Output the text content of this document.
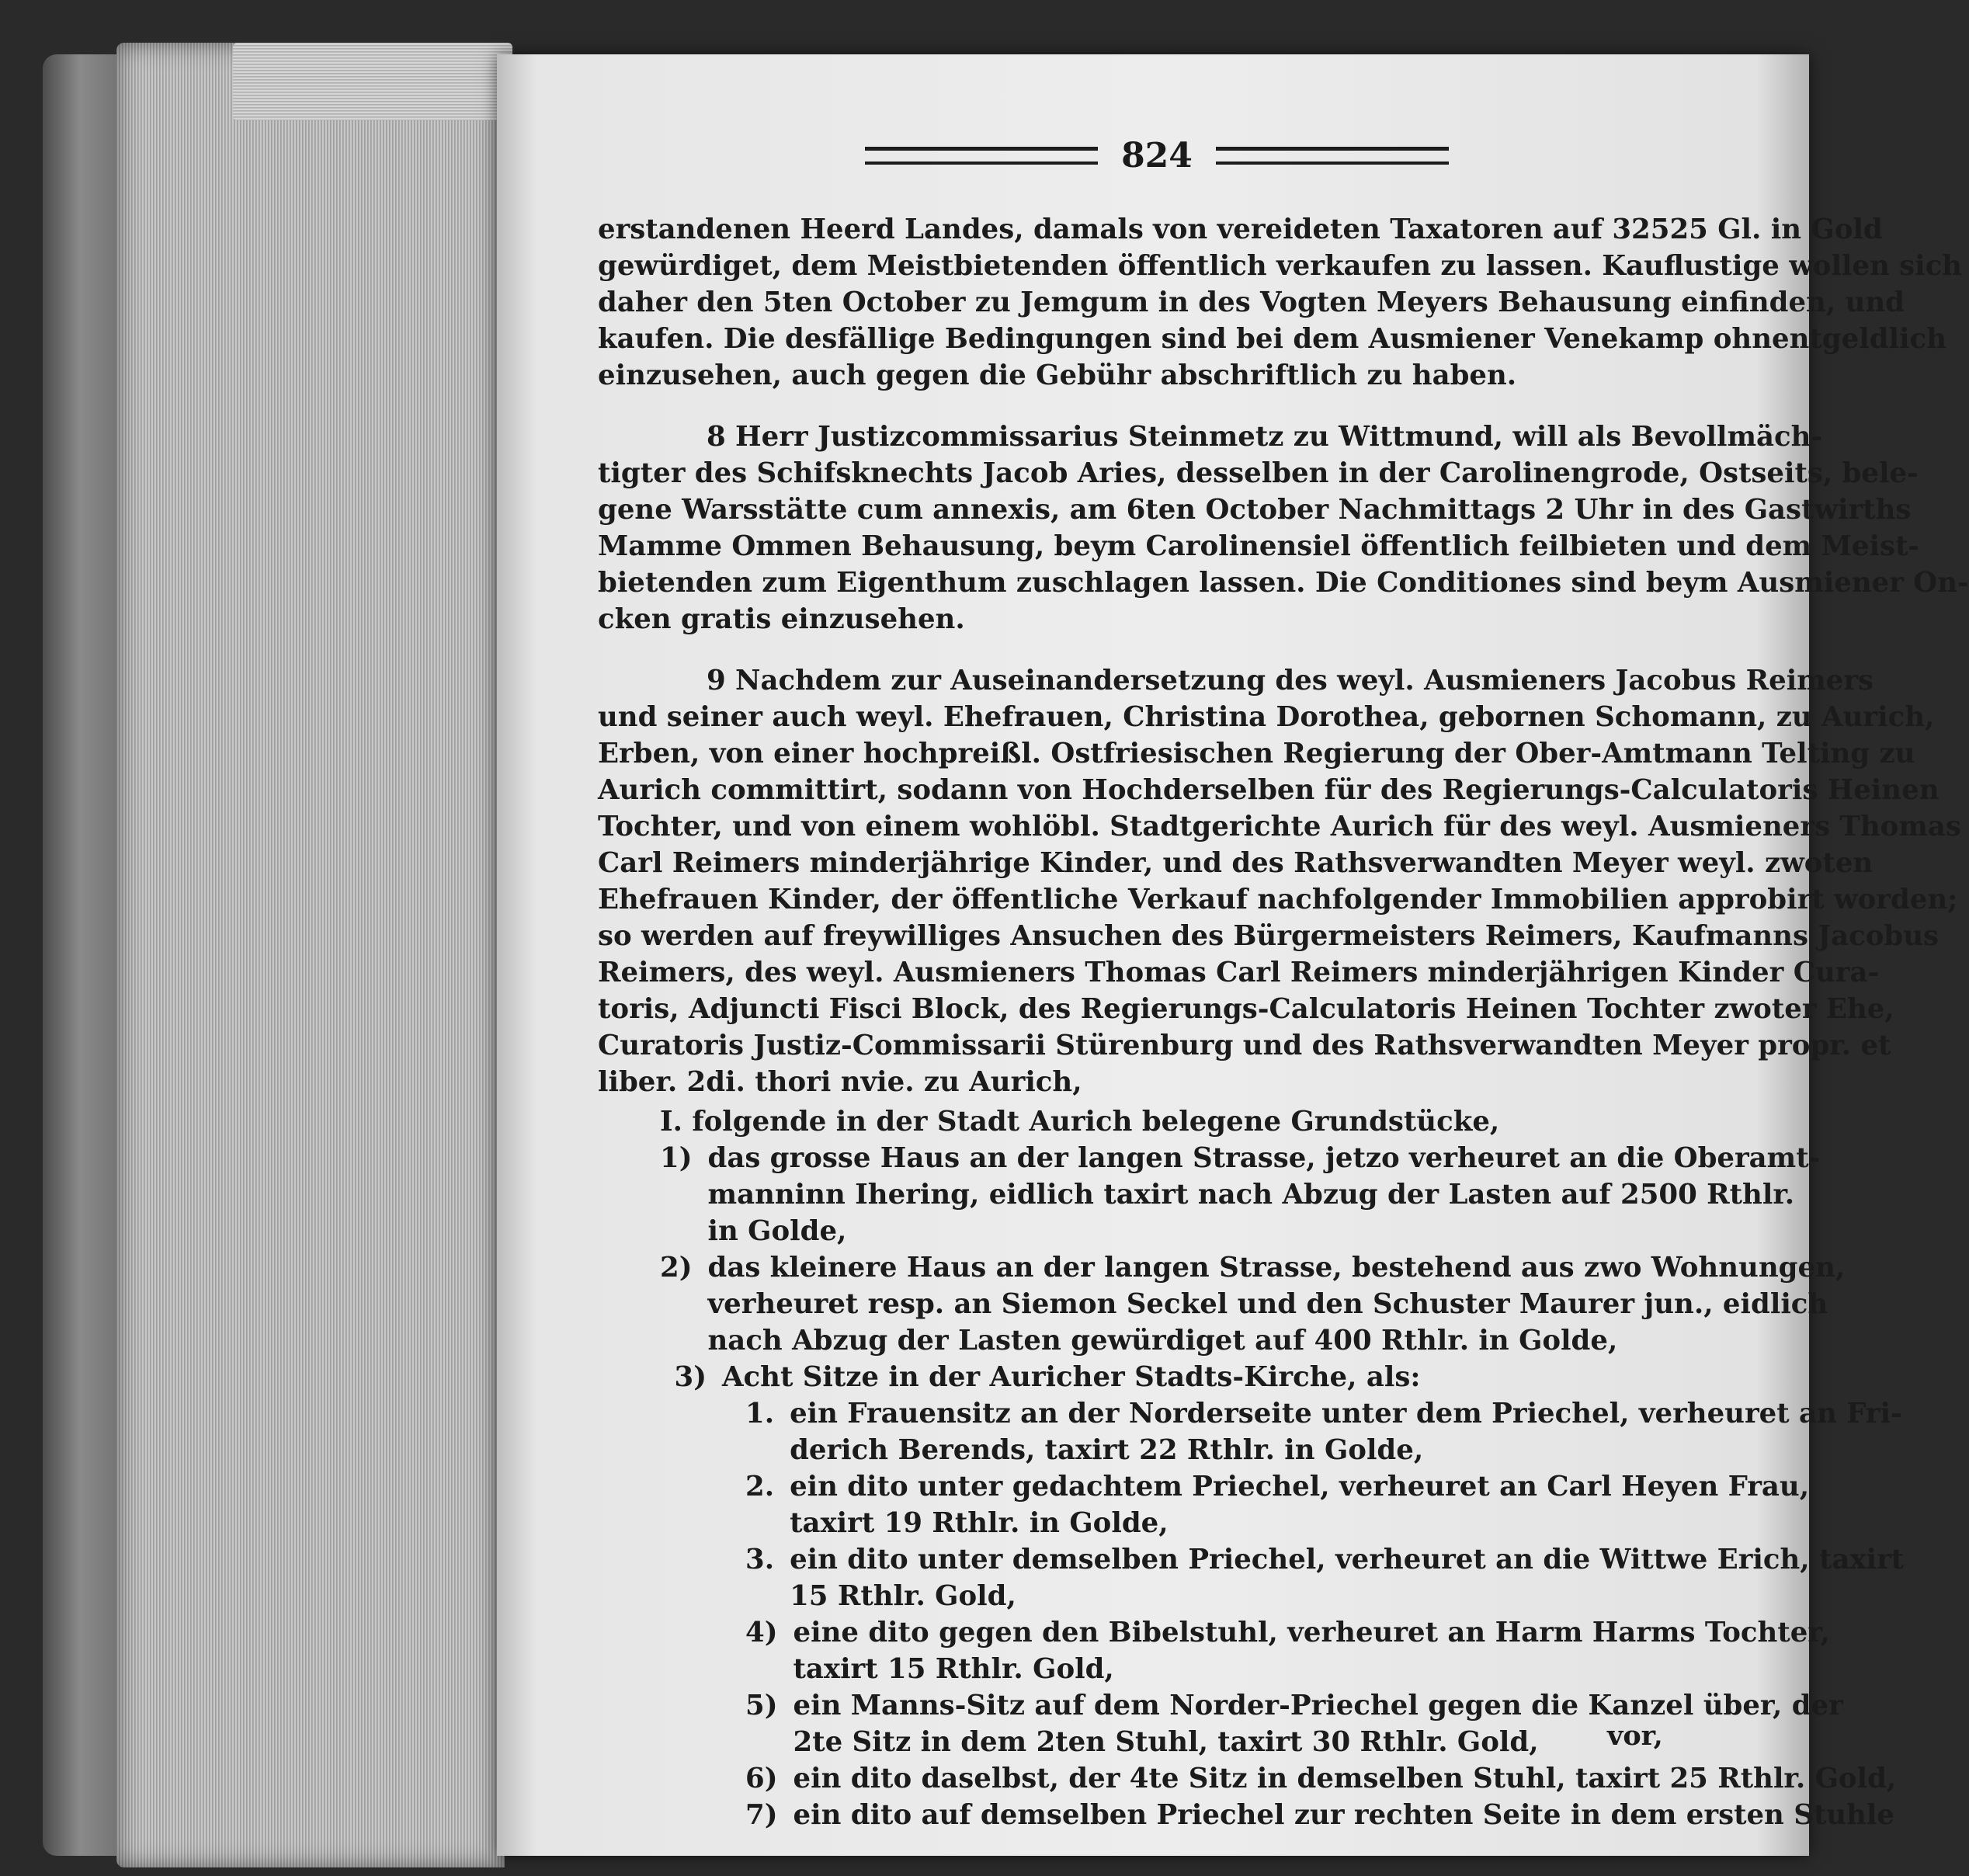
824
erstandenen Heerd Landes, damals von vereideten Taxatoren auf 32525 Gl. in Gold
gewürdiget, dem Meistbietenden öffentlich verkaufen zu lassen. Kauflustige wollen sich
daher den 5ten October zu Jemgum in des Vogten Meyers Behausung einfinden, und
kaufen. Die desfällige Bedingungen sind bei dem Ausmiener Venekamp ohnentgeldlich
einzusehen, auch gegen die Gebühr abschriftlich zu haben.
8 Herr Justizcommissarius Steinmetz zu Wittmund, will als Bevollmäch-
tigter des Schifsknechts Jacob Aries, desselben in der Carolinengrode, Ostseits, bele-
gene Warsstätte cum annexis, am 6ten October Nachmittags 2 Uhr in des Gastwirths
Mamme Ommen Behausung, beym Carolinensiel öffentlich feilbieten und dem Meist-
bietenden zum Eigenthum zuschlagen lassen. Die Conditiones sind beym Ausmiener On-
cken gratis einzusehen.
9 Nachdem zur Auseinandersetzung des weyl. Ausmieners Jacobus Reimers
und seiner auch weyl. Ehefrauen, Christina Dorothea, gebornen Schomann, zu Aurich,
Erben, von einer hochpreißl. Ostfriesischen Regierung der Ober-Amtmann Telting zu
Aurich committirt, sodann von Hochderselben für des Regierungs-Calculatoris Heinen
Tochter, und von einem wohlöbl. Stadtgerichte Aurich für des weyl. Ausmieners Thomas
Carl Reimers minderjährige Kinder, und des Rathsverwandten Meyer weyl. zwoten
Ehefrauen Kinder, der öffentliche Verkauf nachfolgender Immobilien approbirt worden;
so werden auf freywilliges Ansuchen des Bürgermeisters Reimers, Kaufmanns Jacobus
Reimers, des weyl. Ausmieners Thomas Carl Reimers minderjährigen Kinder Cura-
toris, Adjuncti Fisci Block, des Regierungs-Calculatoris Heinen Tochter zwoter Ehe,
Curatoris Justiz-Commissarii Stürenburg und des Rathsverwandten Meyer propr. et
liber. 2di. thori nvie. zu Aurich,
I. folgende in der Stadt Aurich belegene Grundstücke,
1) das grosse Haus an der langen Strasse, jetzo verheuret an die Oberamt-
manninn Ihering, eidlich taxirt nach Abzug der Lasten auf 2500 Rthlr.
in Golde,
2) das kleinere Haus an der langen Strasse, bestehend aus zwo Wohnungen,
verheuret resp. an Siemon Seckel und den Schuster Maurer jun., eidlich
nach Abzug der Lasten gewürdiget auf 400 Rthlr. in Golde,
3) Acht Sitze in der Auricher Stadts-Kirche, als:
1. ein Frauensitz an der Norderseite unter dem Priechel, verheuret an Fri-
derich Berends, taxirt 22 Rthlr. in Golde,
2. ein dito unter gedachtem Priechel, verheuret an Carl Heyen Frau,
taxirt 19 Rthlr. in Golde,
3. ein dito unter demselben Priechel, verheuret an die Wittwe Erich, taxirt
15 Rthlr. Gold,
4) eine dito gegen den Bibelstuhl, verheuret an Harm Harms Tochter,
taxirt 15 Rthlr. Gold,
5) ein Manns-Sitz auf dem Norder-Priechel gegen die Kanzel über, der
2te Sitz in dem 2ten Stuhl, taxirt 30 Rthlr. Gold,
6) ein dito daselbst, der 4te Sitz in demselben Stuhl, taxirt 25 Rthlr. Gold,
7) ein dito auf demselben Priechel zur rechten Seite in dem ersten Stuhle
vor,
